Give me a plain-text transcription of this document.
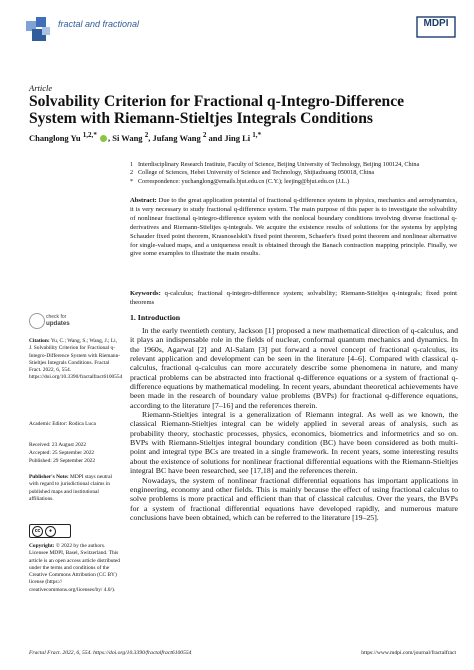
fractal and fractional	MDPI
Article
Solvability Criterion for Fractional q-Integro-Difference System with Riemann-Stieltjes Integrals Conditions
Changlong Yu $^{1,2,*}$ , Si Wang $^2$, Jufang Wang $^2$ and Jing Li $^{1,*}$
1 Interdisciplinary Research Institute, Faculty of Science, Beijing University of Technology, Beijing 100124, China
2 College of Sciences, Hebei University of Science and Technology, Shijiazhuang 050018, China
* Correspondence: yuchanglong@emails.bjut.edu.cn (C.Y.); leejing@bjut.edu.cn (J.L.)
Abstract: Due to the great application potential of fractional q-difference system in physics, mechanics and aerodynamics, it is very necessary to study fractional q-difference system. The main purpose of this paper is to investigate the solvability of nonlinear fractional q-integro-difference system with the nonlocal boundary conditions involving diverse fractional q-derivatives and Riemann-Stieltjes q-integrals. We acquire the existence results of solutions for the systems by applying Schauder fixed point theorem, Krasnoselskii's fixed point theorem, Schaefer's fixed point theorem and nonlinear alternative for single-valued maps, and a uniqueness result is obtained through the Banach contraction mapping principle. Finally, we give some examples to illustrate the main results.
Keywords: q-calculus; fractional q-integro-difference system; solvability; Riemann-Stieltjes q-integrals; fixed point theorems
check for
updates
Citation: Yu, C.; Wang, S.; Wang, J.; Li, J. Solvability Criterion for Fractional q-Integro-Difference System with Riemann-Stieltjes Integrals Conditions. Fractal Fract. 2022, 6, 554. https://doi.org/10.3390/fractalfract6100554
Academic Editor: Rodica Luca
Received: 23 August 2022
Accepted: 25 September 2022
Published: 29 September 2022
Publisher's Note: MDPI stays neutral with regard to jurisdictional claims in published maps and institutional affiliations.
cc	●
Copyright: © 2022 by the authors. Licensee MDPI, Basel, Switzerland. This article is an open access article distributed under the terms and conditions of the Creative Commons Attribution (CC BY) license (https:// creativecommons.org/licenses/by/ 4.0/).
1. Introduction

In the early twentieth century, Jackson [1] proposed a new mathematical direction of q-calculus, and it plays an indispensable role in the fields of nuclear, conformal quantum mechanics and dynamics. In the 1960s, Agarwal [2] and Al-Salam [3] put forward a novel concept of fractional q-calculus, its relevant application and development can be seen in the literature [4–6]. Compared with classical q-calculus, fractional q-calculus can more accurately describe some phenomena in nature, and many practical problems can be abstracted into fractional q-difference equations or a system of fractional q-difference equations by mathematical modeling. In recent years, abundant theoretical achievements have been made in the research of boundary value problems (BVPs) for fractional q-difference equations, according to the literature [7–16] and the references therein.

Riemann-Stieltjes integral is a generalization of Riemann integral. As well as we known, the classical Riemann-Stieltjes integral can be widely applied in several areas of analysis, such as probability theory, stochastic processes, physics, economics, biometrics and informetrics and so on. BVPs with Riemann-Stieltjes integral boundary condition (BC) have been considered as both multi-point and integral type BCs are treated in a single framework. In recent years, some interesting results about the existence of solutions for nonlinear fractional differential equations with the Riemann-Stieltjes integral BC have been researched, see [17,18] and the references therein.

Nowadays, the system of nonlinear fractional differential equations has important applications in engineering, economy and other fields. This is mainly because the effect of using fractional calculus to solve problems is more practical and efficient than that of classical calculus. Over the years, the BVPs for a system of fractional differential equations have developed rapidly, and numerous mature conclusions have been obtained, which can be referred to the literature [19–25].

Fractal Fract. 2022, 6, 554. https://doi.org/10.3390/fractalfract6100554	https://www.mdpi.com/journal/fractalfract
